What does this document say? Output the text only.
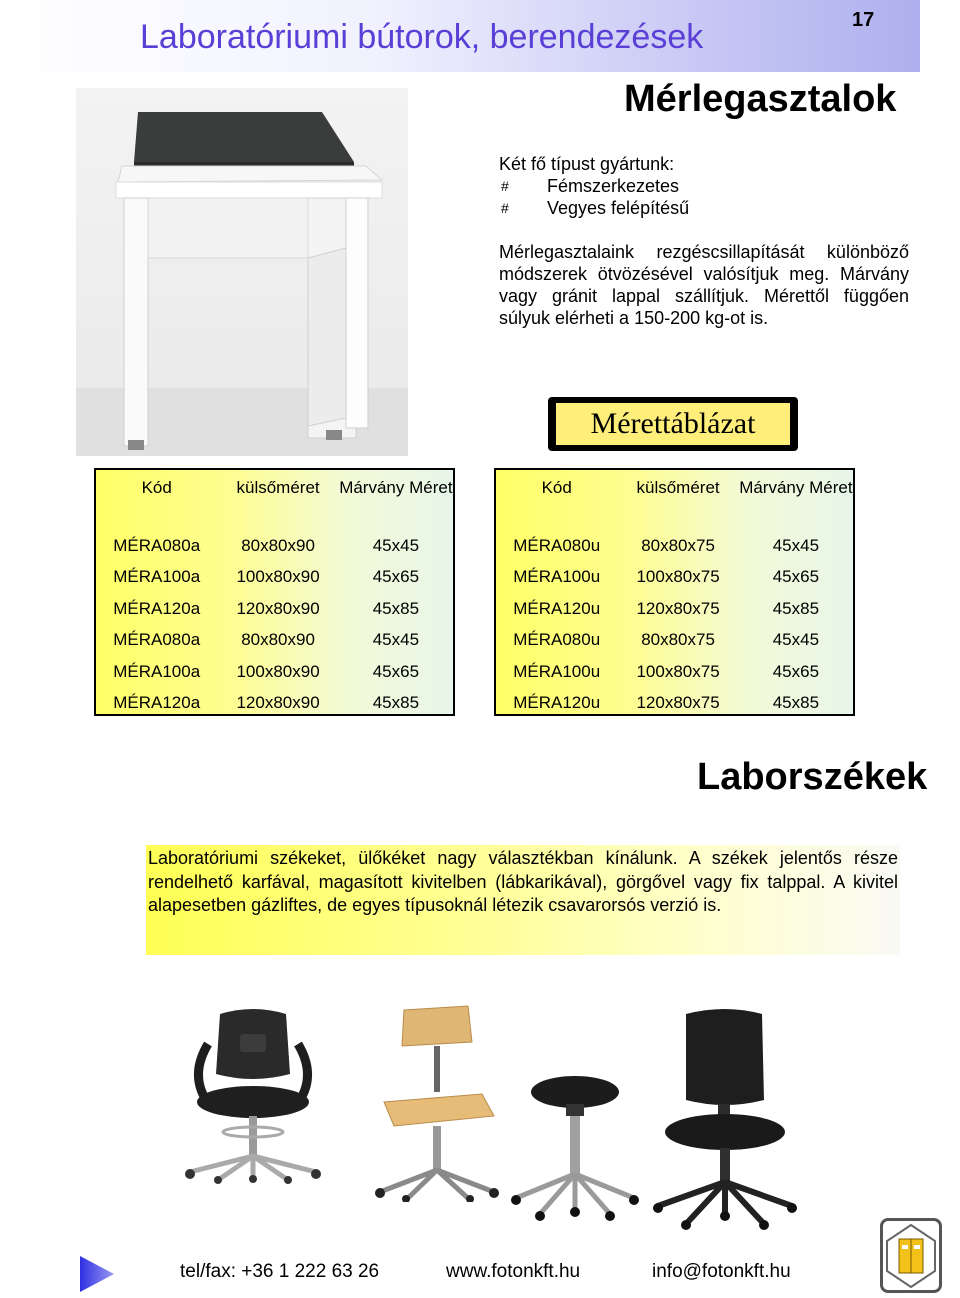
Laboratóriumi bútorok, berendezések	17
Mérlegasztalok
Két fő típust gyártunk:
#	Fémszerkezetes
#	Vegyes felépítésű
Mérlegasztalaink rezgéscsillapítását különböző módszerek ötvözésével valósítjuk meg. Márvány vagy gránit lappal szállítjuk. Mérettől függően súlyuk elérheti a 150-200 kg-ot is.
Mérettáblázat
Kód	külsőméret	Márvány Méret
MÉRA080a	80x80x90	45x45
MÉRA100a	100x80x90	45x65
MÉRA120a	120x80x90	45x85
MÉRA080a	80x80x90	45x45
MÉRA100a	100x80x90	45x65
MÉRA120a	120x80x90	45x85
Kód	külsőméret	Márvány Méret
MÉRA080u	80x80x75	45x45
MÉRA100u	100x80x75	45x65
MÉRA120u	120x80x75	45x85
MÉRA080u	80x80x75	45x45
MÉRA100u	100x80x75	45x65
MÉRA120u	120x80x75	45x85
Laborszékek
Laboratóriumi székeket, ülőkéket nagy választékban kínálunk. A székek jelentős része rendelhető karfával, magasított kivitelben (lábkarikával), görgővel vagy fix talppal. A kivitel alapesetben gázliftes, de egyes típusoknál létezik csavarorsós verzió is.
tel/fax: +36 1 222 63 26	www.fotonkft.hu	info@fotonkft.hu
